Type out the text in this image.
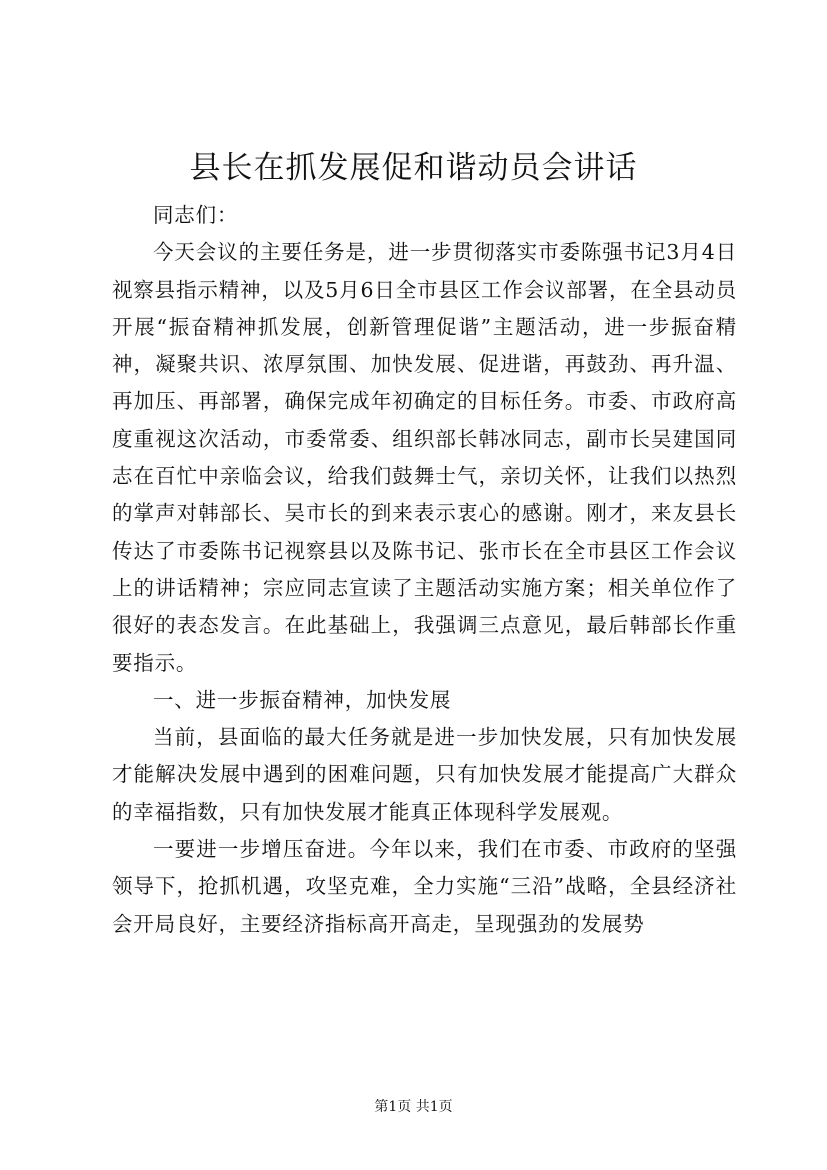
县长在抓发展促和谐动员会讲话

同志们：

今天会议的主要任务是，进一步贯彻落实市委陈强书记3月4日视察县指示精神，以及5月6日全市县区工作会议部署，在全县动员开展“振奋精神抓发展，创新管理促谐”主题活动，进一步振奋精神，凝聚共识、浓厚氛围、加快发展、促进谐，再鼓劲、再升温、再加压、再部署，确保完成年初确定的目标任务。市委、市政府高度重视这次活动，市委常委、组织部长韩冰同志，副市长吴建国同志在百忙中亲临会议，给我们鼓舞士气，亲切关怀，让我们以热烈的掌声对韩部长、吴市长的到来表示衷心的感谢。刚才，来友县长传达了市委陈书记视察县以及陈书记、张市长在全市县区工作会议上的讲话精神；宗应同志宣读了主题活动实施方案；相关单位作了很好的表态发言。在此基础上，我强调三点意见，最后韩部长作重要指示。

一、进一步振奋精神，加快发展

当前，县面临的最大任务就是进一步加快发展，只有加快发展才能解决发展中遇到的困难问题，只有加快发展才能提高广大群众的幸福指数，只有加快发展才能真正体现科学发展观。

一要进一步增压奋进。今年以来，我们在市委、市政府的坚强领导下，抢抓机遇，攻坚克难，全力实施“三沿”战略，全县经济社会开局良好，主要经济指标高开高走，呈现强劲的发展势

第1页 共1页
